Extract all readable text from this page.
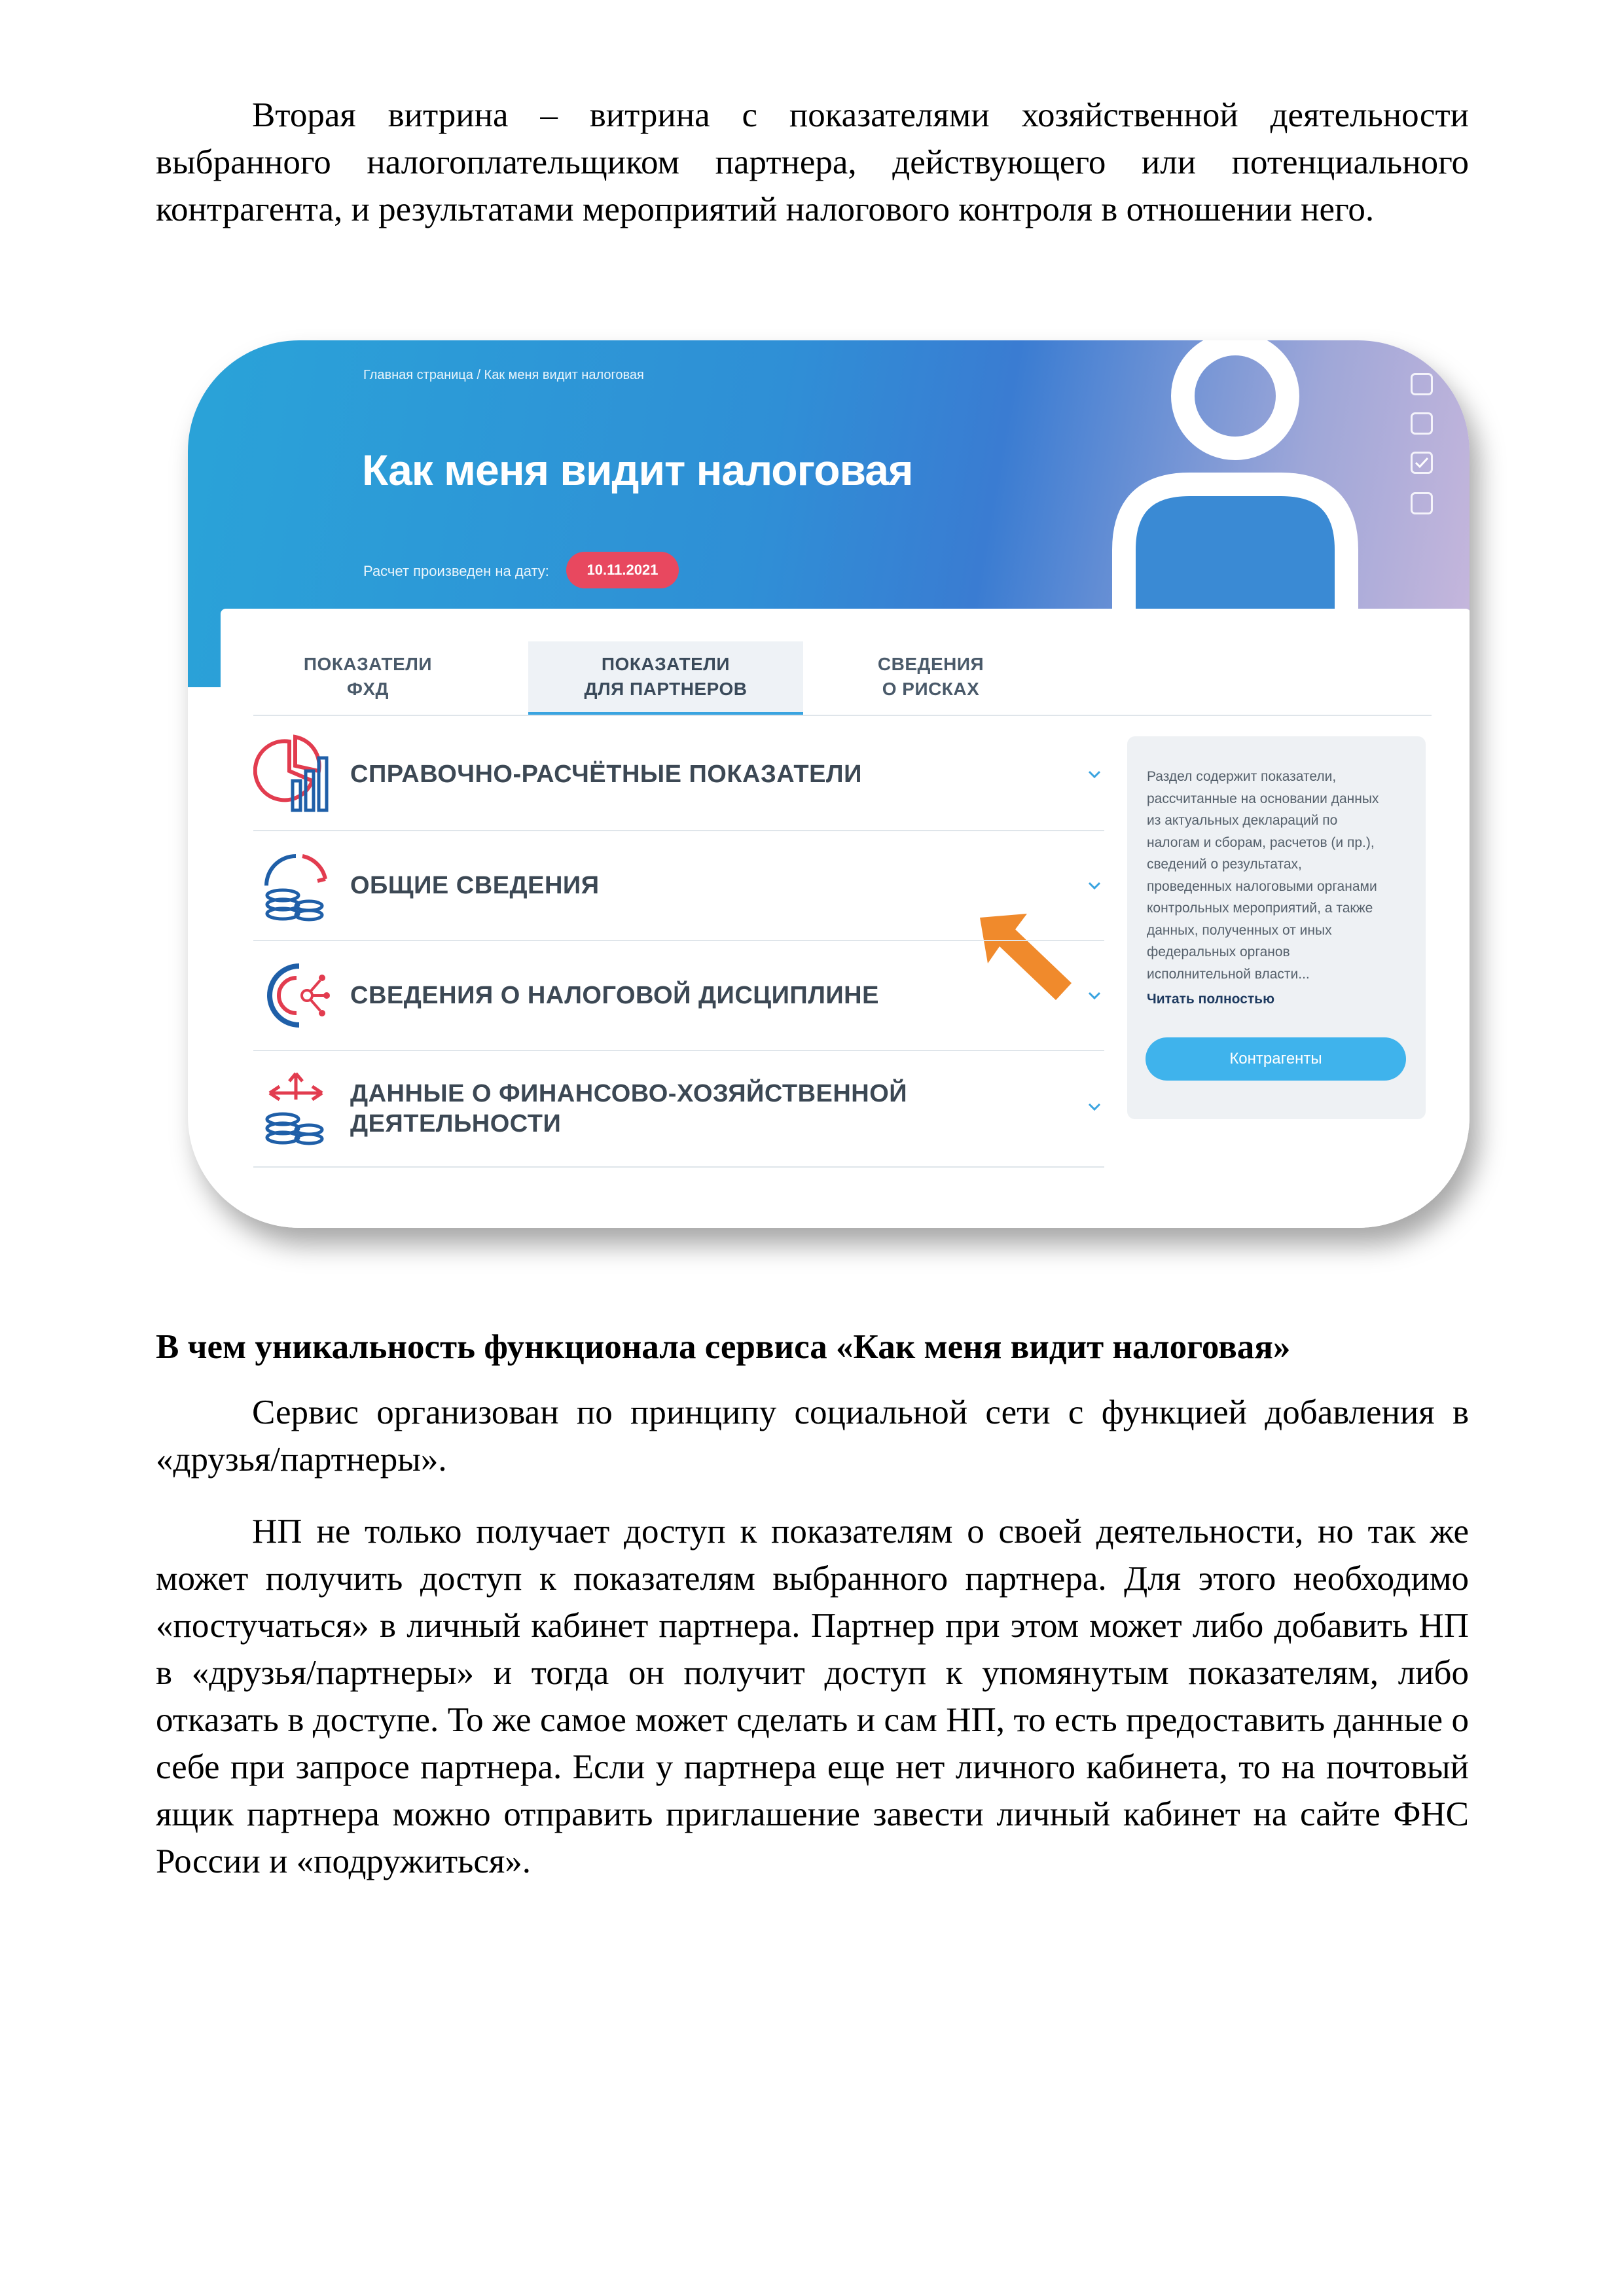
Вторая витрина – витрина с показателями хозяйственной деятельности выбранного налогоплательщиком партнера, действующего или потенциального контрагента, и результатами мероприятий налогового контроля в отношении него.

Главная страница / Как меня видит налоговая
Как меня видит налоговая
Расчет произведен на дату:	10.11.2021
ПОКАЗАТЕЛИ
ФХД
ПОКАЗАТЕЛИ
ДЛЯ ПАРТНЕРОВ
СВЕДЕНИЯ
О РИСКАХ
СПРАВОЧНО-РАСЧЁТНЫЕ ПОКАЗАТЕЛИ
ОБЩИЕ СВЕДЕНИЯ
СВЕДЕНИЯ О НАЛОГОВОЙ ДИСЦИПЛИНЕ
ДАННЫЕ О ФИНАНСОВО-ХОЗЯЙСТВЕННОЙ
ДЕЯТЕЛЬНОСТИ
Раздел содержит показатели,
рассчитанные на основании данных
из актуальных деклараций по
налогам и сборам, расчетов (и пр.),
сведений о результатах,
проведенных налоговыми органами
контрольных мероприятий, а также
данных, полученных от иных
федеральных органов
исполнительной власти...
Читать полностью
Контрагенты

В чем уникальность функционала сервиса «Как меня видит налоговая»

Сервис организован по принципу социальной сети с функцией добавления в «друзья/партнеры».

НП не только получает доступ к показателям о своей деятельности, но так же может получить доступ к показателям выбранного партнера. Для этого необходимо «постучаться» в личный кабинет партнера. Партнер при этом может либо добавить НП в «друзья/партнеры» и тогда он получит доступ к упомянутым показателям, либо отказать в доступе. То же самое может сделать и сам НП, то есть предоставить данные о себе при запросе партнера. Если у партнера еще нет личного кабинета, то на почтовый ящик партнера можно отправить приглашение завести личный кабинет на сайте ФНС России и «подружиться».
